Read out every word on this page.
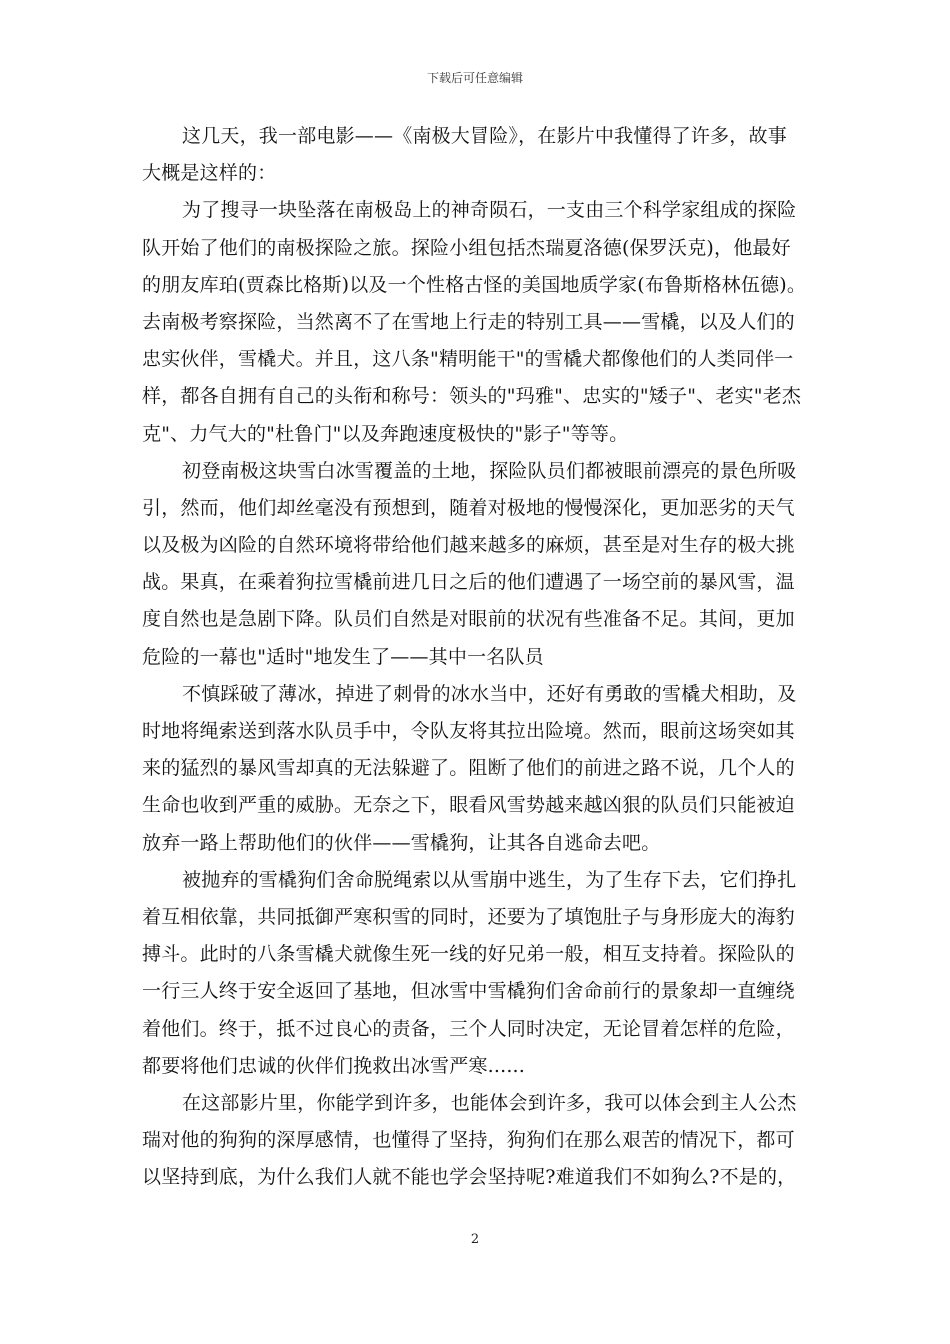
下载后可任意编辑
这几天，我一部电影——《南极大冒险》，在影片中我懂得了许多，故事
大概是这样的：
为了搜寻一块坠落在南极岛上的神奇陨石，一支由三个科学家组成的探险
队开始了他们的南极探险之旅。探险小组包括杰瑞夏洛德(保罗沃克)，他最好
的朋友库珀(贾森比格斯)以及一个性格古怪的美国地质学家(布鲁斯格林伍德)。
去南极考察探险，当然离不了在雪地上行走的特别工具——雪橇，以及人们的
忠实伙伴，雪橇犬。并且，这八条"精明能干"的雪橇犬都像他们的人类同伴一
样，都各自拥有自己的头衔和称号：领头的"玛雅"、忠实的"矮子"、老实"老杰
克"、力气大的"杜鲁门"以及奔跑速度极快的"影子"等等。
初登南极这块雪白冰雪覆盖的土地，探险队员们都被眼前漂亮的景色所吸
引，然而，他们却丝毫没有预想到，随着对极地的慢慢深化，更加恶劣的天气
以及极为凶险的自然环境将带给他们越来越多的麻烦，甚至是对生存的极大挑
战。果真，在乘着狗拉雪橇前进几日之后的他们遭遇了一场空前的暴风雪，温
度自然也是急剧下降。队员们自然是对眼前的状况有些准备不足。其间，更加
危险的一幕也"适时"地发生了——其中一名队员
不慎踩破了薄冰，掉进了刺骨的冰水当中，还好有勇敢的雪橇犬相助，及
时地将绳索送到落水队员手中，令队友将其拉出险境。然而，眼前这场突如其
来的猛烈的暴风雪却真的无法躲避了。阻断了他们的前进之路不说，几个人的
生命也收到严重的威胁。无奈之下，眼看风雪势越来越凶狠的队员们只能被迫
放弃一路上帮助他们的伙伴——雪橇狗，让其各自逃命去吧。
被抛弃的雪橇狗们舍命脱绳索以从雪崩中逃生，为了生存下去，它们挣扎
着互相依靠，共同抵御严寒积雪的同时，还要为了填饱肚子与身形庞大的海豹
搏斗。此时的八条雪橇犬就像生死一线的好兄弟一般，相互支持着。探险队的
一行三人终于安全返回了基地，但冰雪中雪橇狗们舍命前行的景象却一直缠绕
着他们。终于，抵不过良心的责备，三个人同时决定，无论冒着怎样的危险，
都要将他们忠诚的伙伴们挽救出冰雪严寒......
在这部影片里，你能学到许多，也能体会到许多，我可以体会到主人公杰
瑞对他的狗狗的深厚感情，也懂得了坚持，狗狗们在那么艰苦的情况下，都可
以坚持到底，为什么我们人就不能也学会坚持呢?难道我们不如狗么?不是的，
2
